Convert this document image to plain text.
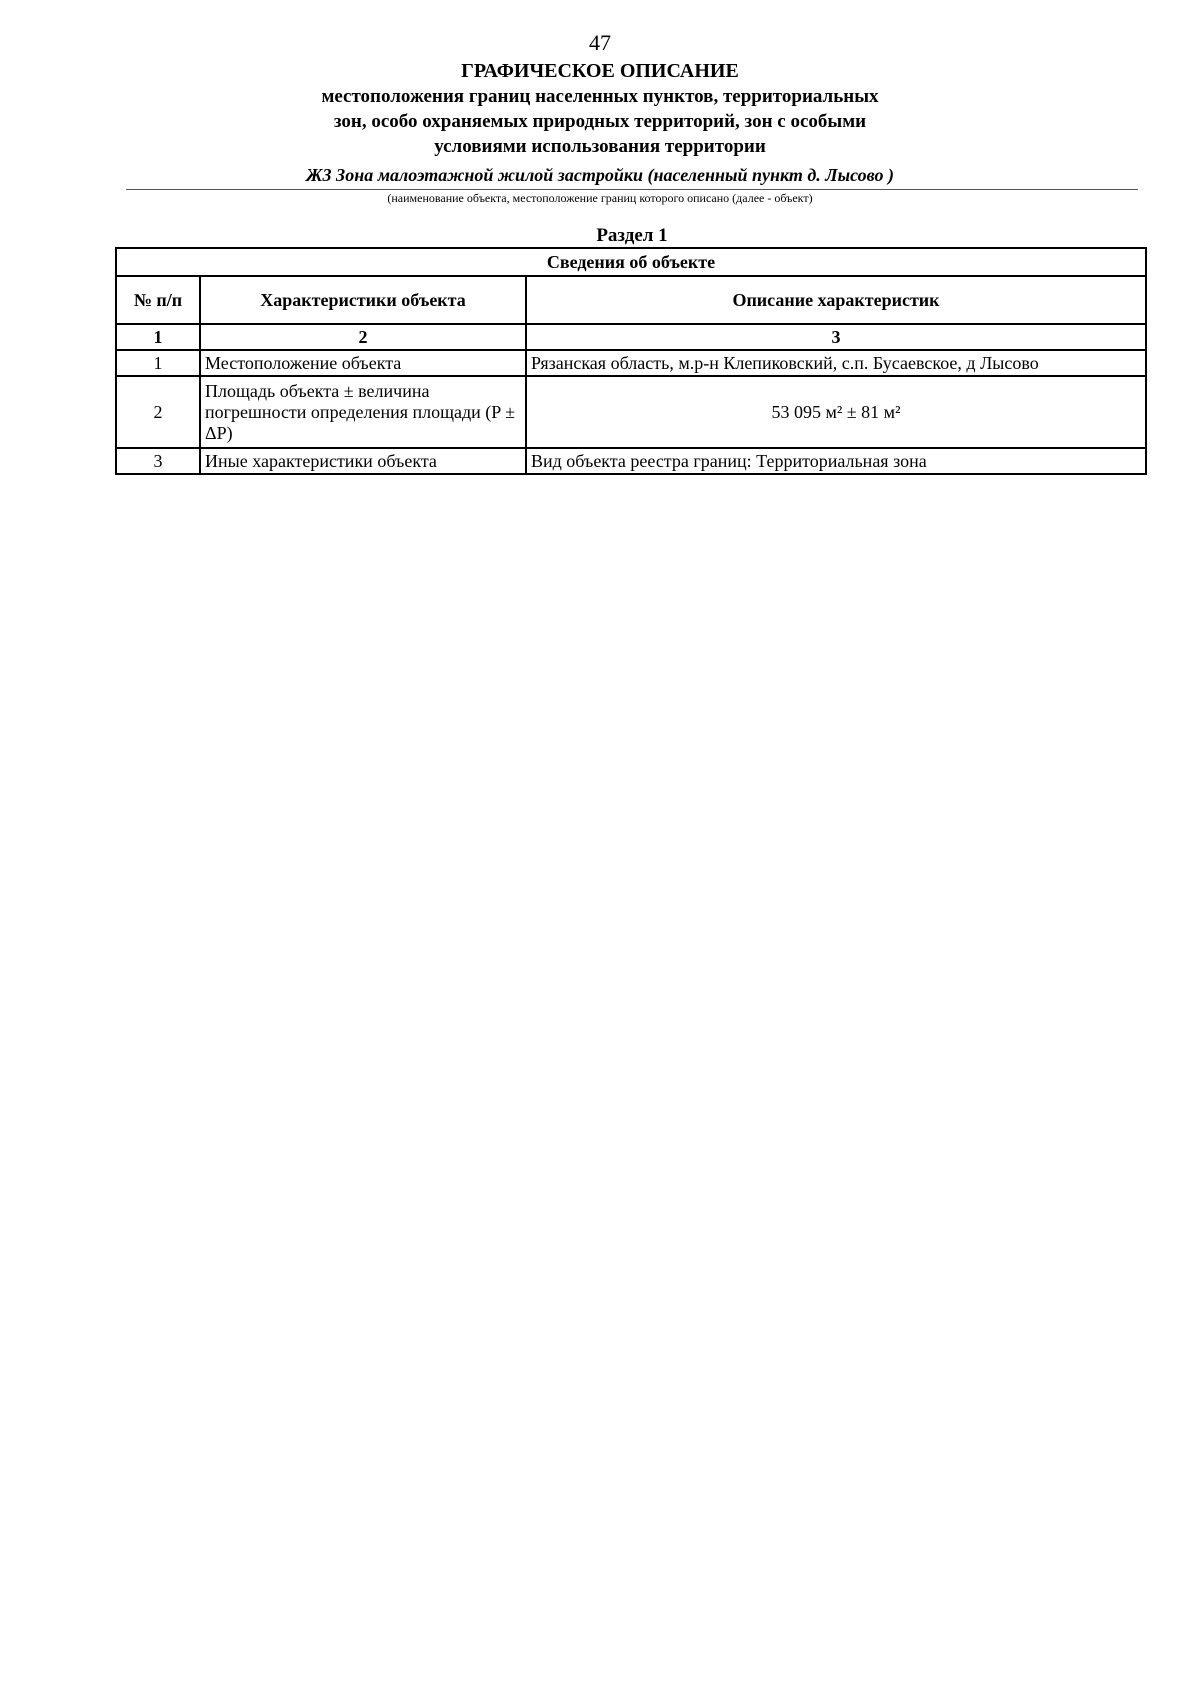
47
ГРАФИЧЕСКОЕ ОПИСАНИЕ
местоположения границ населенных пунктов, территориальных
зон, особо охраняемых природных территорий, зон с особыми
условиями использования территории
Ж3 Зона малоэтажной жилой застройки (населенный пункт д. Лысово )
(наименование объекта, местоположение границ которого описано (далее - объект)
Раздел 1
Сведения об объекте		
№ п/п	Характеристики объекта	Описание характеристик
1	2	3
1	Местоположение объекта	Рязанская область, м.р-н Клепиковский, с.п. Бусаевское, д Лысово
2	Площадь объекта ± величина погрешности определения площади (P ± ΔP)	53 095 м² ± 81 м²
3	Иные характеристики объекта	Вид объекта реестра границ: Территориальная зона
